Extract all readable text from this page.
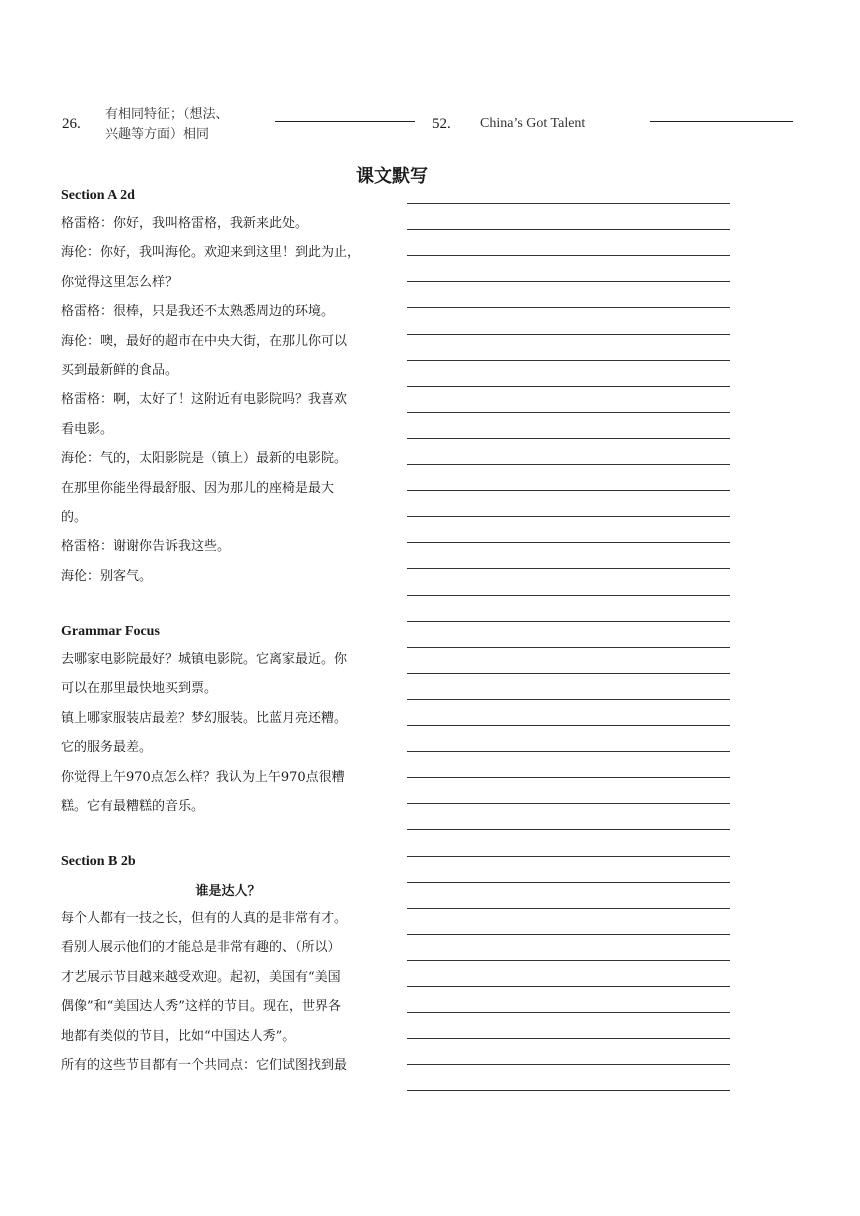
26.
有相同特征；（想法、
兴趣等方面）相同
52. China’s Got Talent
课文默写
Section A 2d

格雷格：你好，我叫格雷格，我新来此处。

海伦：你好，我叫海伦。欢迎来到这里！到此为止，

你觉得这里怎么样？

格雷格：很棒，只是我还不太熟悉周边的环境。

海伦：噢，最好的超市在中央大街，在那儿你可以

买到最新鲜的食品。

格雷格：啊，太好了！这附近有电影院吗？我喜欢

看电影。

海伦：气的，太阳影院是（镇上）最新的电影院。

在那里你能坐得最舒服、因为那儿的座椅是最大

的。

格雷格：谢谢你告诉我这些。

海伦：别客气。

Grammar Focus

去哪家电影院最好？城镇电影院。它离家最近。你

可以在那里最快地买到票。

镇上哪家服装店最差？梦幻服装。比蓝月亮还糟。

它的服务最差。

你觉得上午970点怎么样？我认为上午970点很糟

糕。它有最糟糕的音乐。

Section B 2b
谁是达人？

每个人都有一技之长，但有的人真的是非常有才。

看别人展示他们的才能总是非常有趣的、（所以）

才艺展示节目越来越受欢迎。起初，美国有“美国

偶像”和“美国达人秀”这样的节目。现在，世界各

地都有类似的节目，比如“中国达人秀”。

所有的这些节目都有一个共同点：它们试图找到最
